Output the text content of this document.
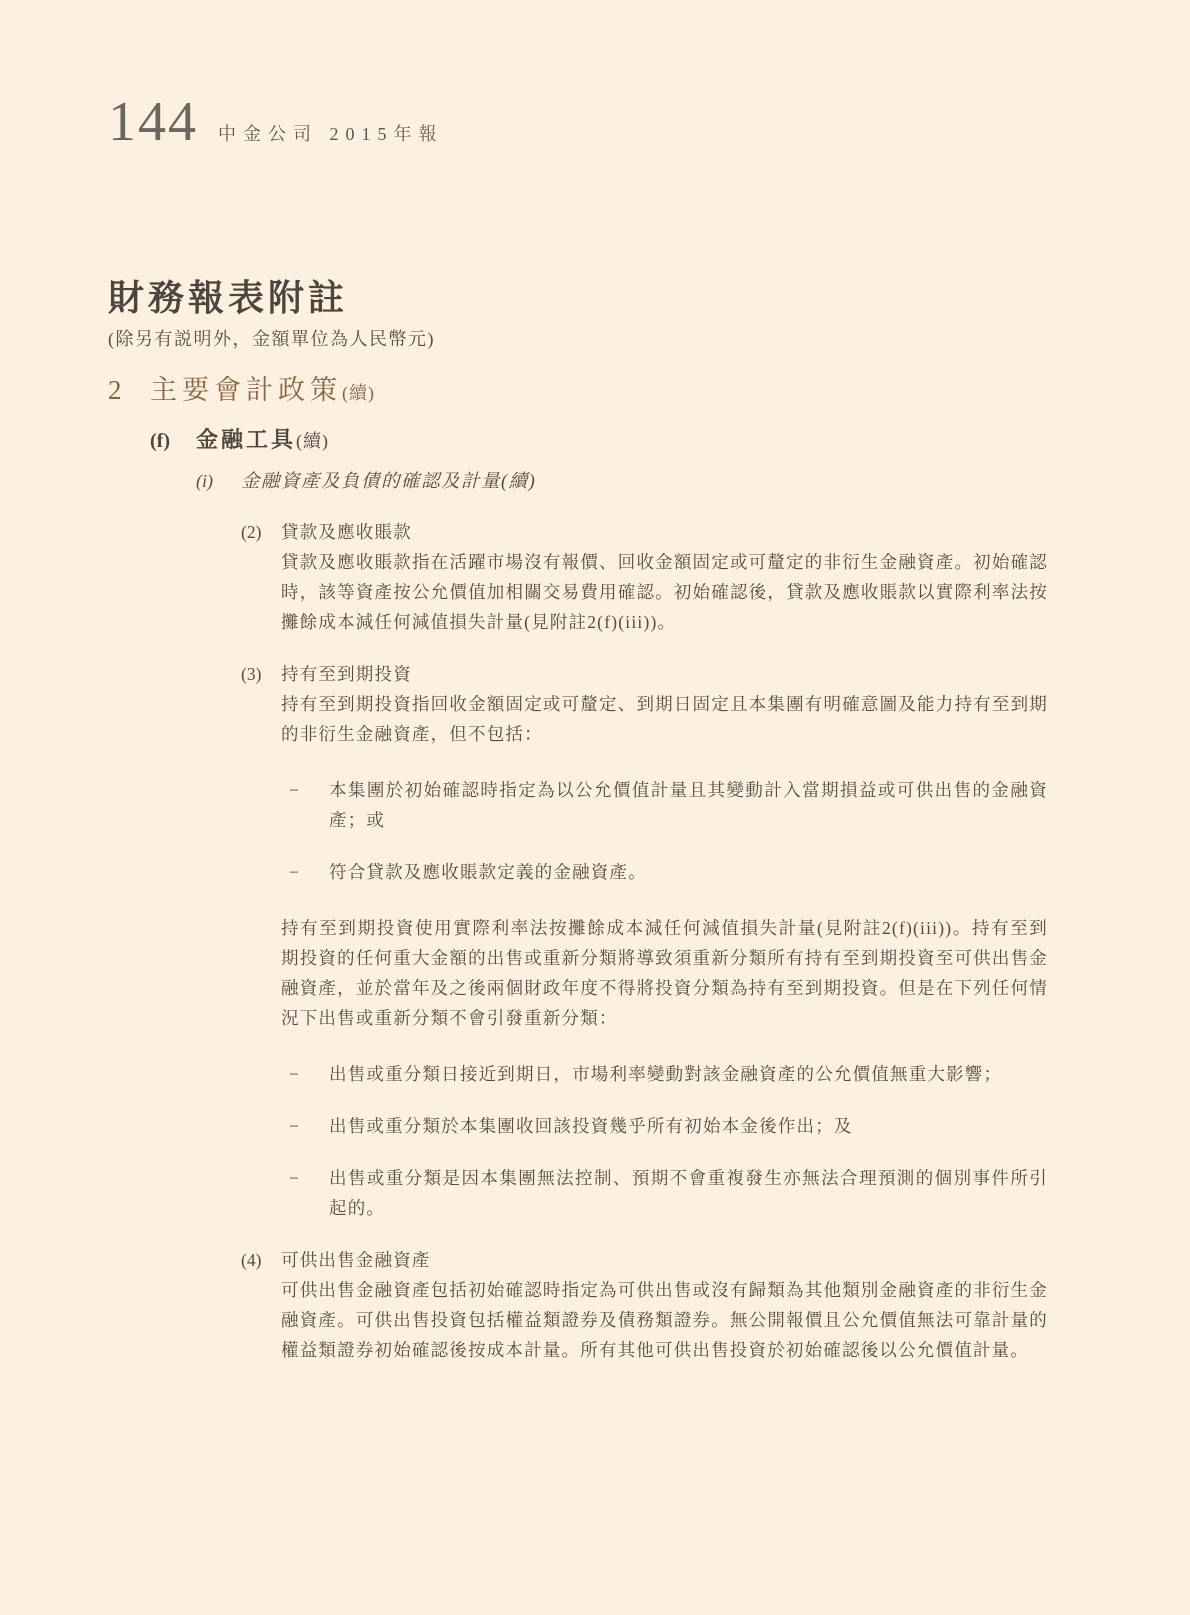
144 中金公司 2015年報
財務報表附註

(除另有説明外，金額單位為人民幣元)

2	主要會計政策(續)
(f)	金融工具(續)
(i)	金融資產及負債的確認及計量(續)
(2)	貸款及應收賬款

貸款及應收賬款指在活躍市場沒有報價、回收金額固定或可釐定的非衍生金融資產。初始確認時，該等資產按公允價值加相關交易費用確認。初始確認後，貸款及應收賬款以實際利率法按攤餘成本減任何減值損失計量(見附註2(f)(iii))。

(3)	持有至到期投資

持有至到期投資指回收金額固定或可釐定、到期日固定且本集團有明確意圖及能力持有至到期的非衍生金融資產，但不包括：

−	本集團於初始確認時指定為以公允價值計量且其變動計入當期損益或可供出售的金融資產；或

−	符合貸款及應收賬款定義的金融資產。

持有至到期投資使用實際利率法按攤餘成本減任何減值損失計量(見附註2(f)(iii))。持有至到期投資的任何重大金額的出售或重新分類將導致須重新分類所有持有至到期投資至可供出售金融資產，並於當年及之後兩個財政年度不得將投資分類為持有至到期投資。但是在下列任何情況下出售或重新分類不會引發重新分類：

−	出售或重分類日接近到期日，市場利率變動對該金融資產的公允價值無重大影響；

−	出售或重分類於本集團收回該投資幾乎所有初始本金後作出；及

−	出售或重分類是因本集團無法控制、預期不會重複發生亦無法合理預測的個別事件所引起的。

(4)	可供出售金融資產

可供出售金融資產包括初始確認時指定為可供出售或沒有歸類為其他類別金融資產的非衍生金融資產。可供出售投資包括權益類證券及債務類證券。無公開報價且公允價值無法可靠計量的權益類證券初始確認後按成本計量。所有其他可供出售投資於初始確認後以公允價值計量。
